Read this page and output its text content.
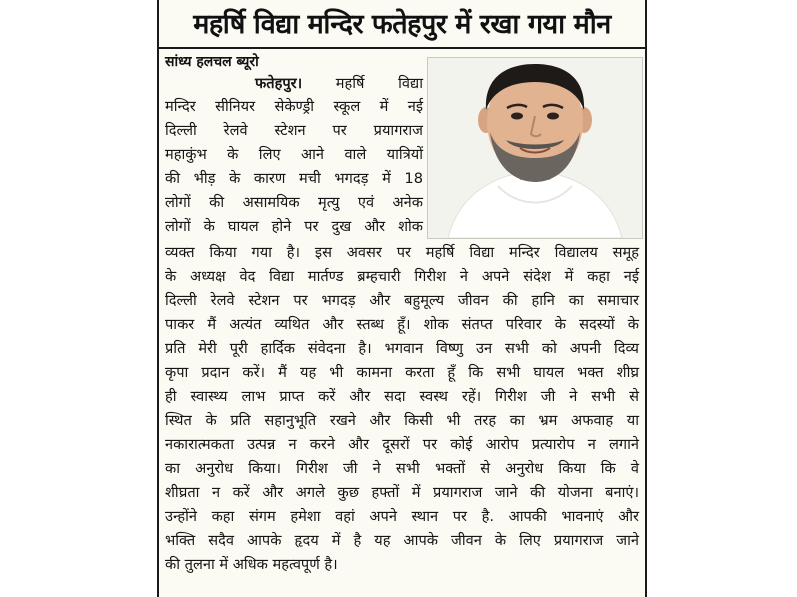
महर्षि विद्या मन्दिर फतेहपुर में रखा गया मौन
सांध्य हलचल ब्यूरो
फतेहपुर। महर्षि विद्या
मन्दिर सीनियर सेकेण्ड्री स्कूल में नई
दिल्ली रेलवे स्टेशन पर प्रयागराज
महाकुंभ के लिए आने वाले यात्रियों
की भीड़ के कारण मची भगदड़ में 18
लोगों की असामयिक मृत्यु एवं अनेक
लोगों के घायल होने पर दुख और शोक
व्यक्त किया गया है। इस अवसर पर महर्षि विद्या मन्दिर विद्यालय समूह
के अध्यक्ष वेद विद्या मार्तण्ड ब्रम्हचारी गिरीश ने अपने संदेश में कहा नई
दिल्ली रेलवे स्टेशन पर भगदड़ और बहुमूल्य जीवन की हानि का समाचार
पाकर मैं अत्यंत व्यथित और स्तब्ध हूँ। शोक संतप्त परिवार के सदस्यों के
प्रति मेरी पूरी हार्दिक संवेदना है। भगवान विष्णु उन सभी को अपनी दिव्य
कृपा प्रदान करें। मैं यह भी कामना करता हूँ कि सभी घायल भक्त शीघ्र
ही स्वास्थ्य लाभ प्राप्त करें और सदा स्वस्थ रहें। गिरीश जी ने सभी से
स्थित के प्रति सहानुभूति रखने और किसी भी तरह का भ्रम अफवाह या
नकारात्मकता उत्पन्न न करने और दूसरों पर कोई आरोप प्रत्यारोप न लगाने
का अनुरोध किया। गिरीश जी ने सभी भक्तों से अनुरोध किया कि वे
शीघ्रता न करें और अगले कुछ हफ्तों में प्रयागराज जाने की योजना बनाएं।
उन्होंने कहा संगम हमेशा वहां अपने स्थान पर है. आपकी भावनाएं और
भक्ति सदैव आपके हृदय में है यह आपके जीवन के लिए प्रयागराज जाने
की तुलना में अधिक महत्वपूर्ण है।
